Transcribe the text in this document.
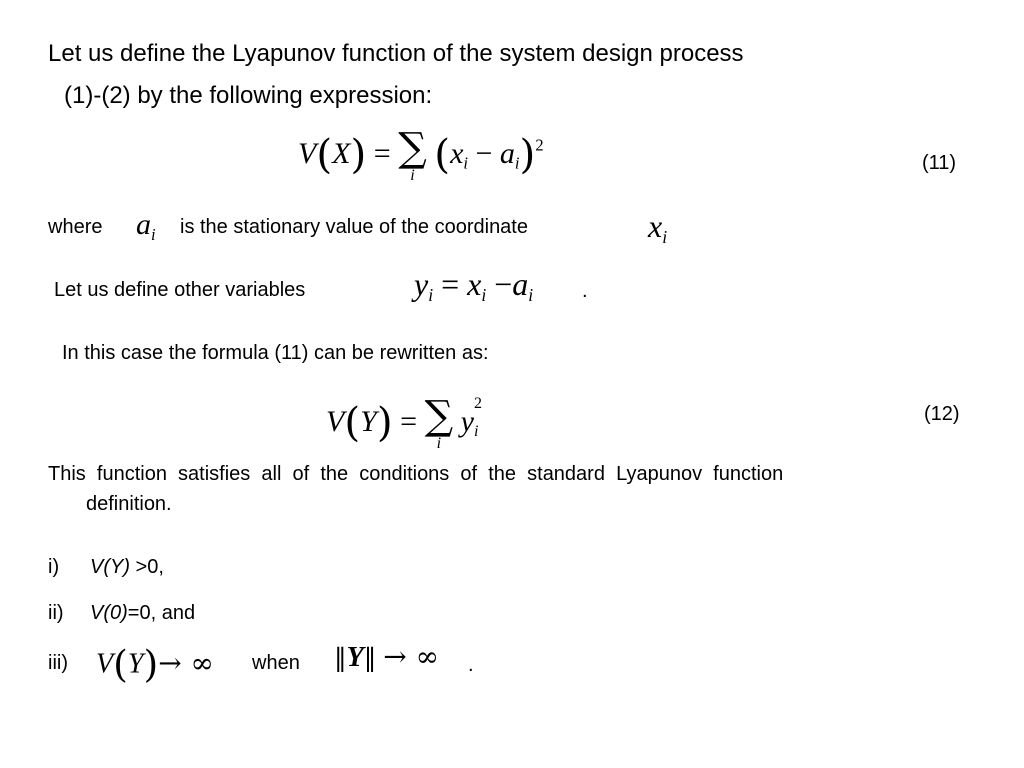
Let us define the Lyapunov function of the system design process
(1)-(2) by the following expression:
V(X) = ∑
i $(x_i - a_i)^2$
(11)
where $a_i$ is the stationary value of the coordinate	$x_i$
Let us define other variables	$y_i = x_i -a_i$ .
In this case the formula (11) can be rewritten as:
V(Y) = ∑
i
y
2
i
(12)
This  function  satisfies  all  of  the  conditions  of  the  standard  Lyapunov  function
definition.
i) V(Y) >0,
ii) V(0)=0, and
iii) V(Y)→ ∞ when ‖Y‖ → ∞ .
